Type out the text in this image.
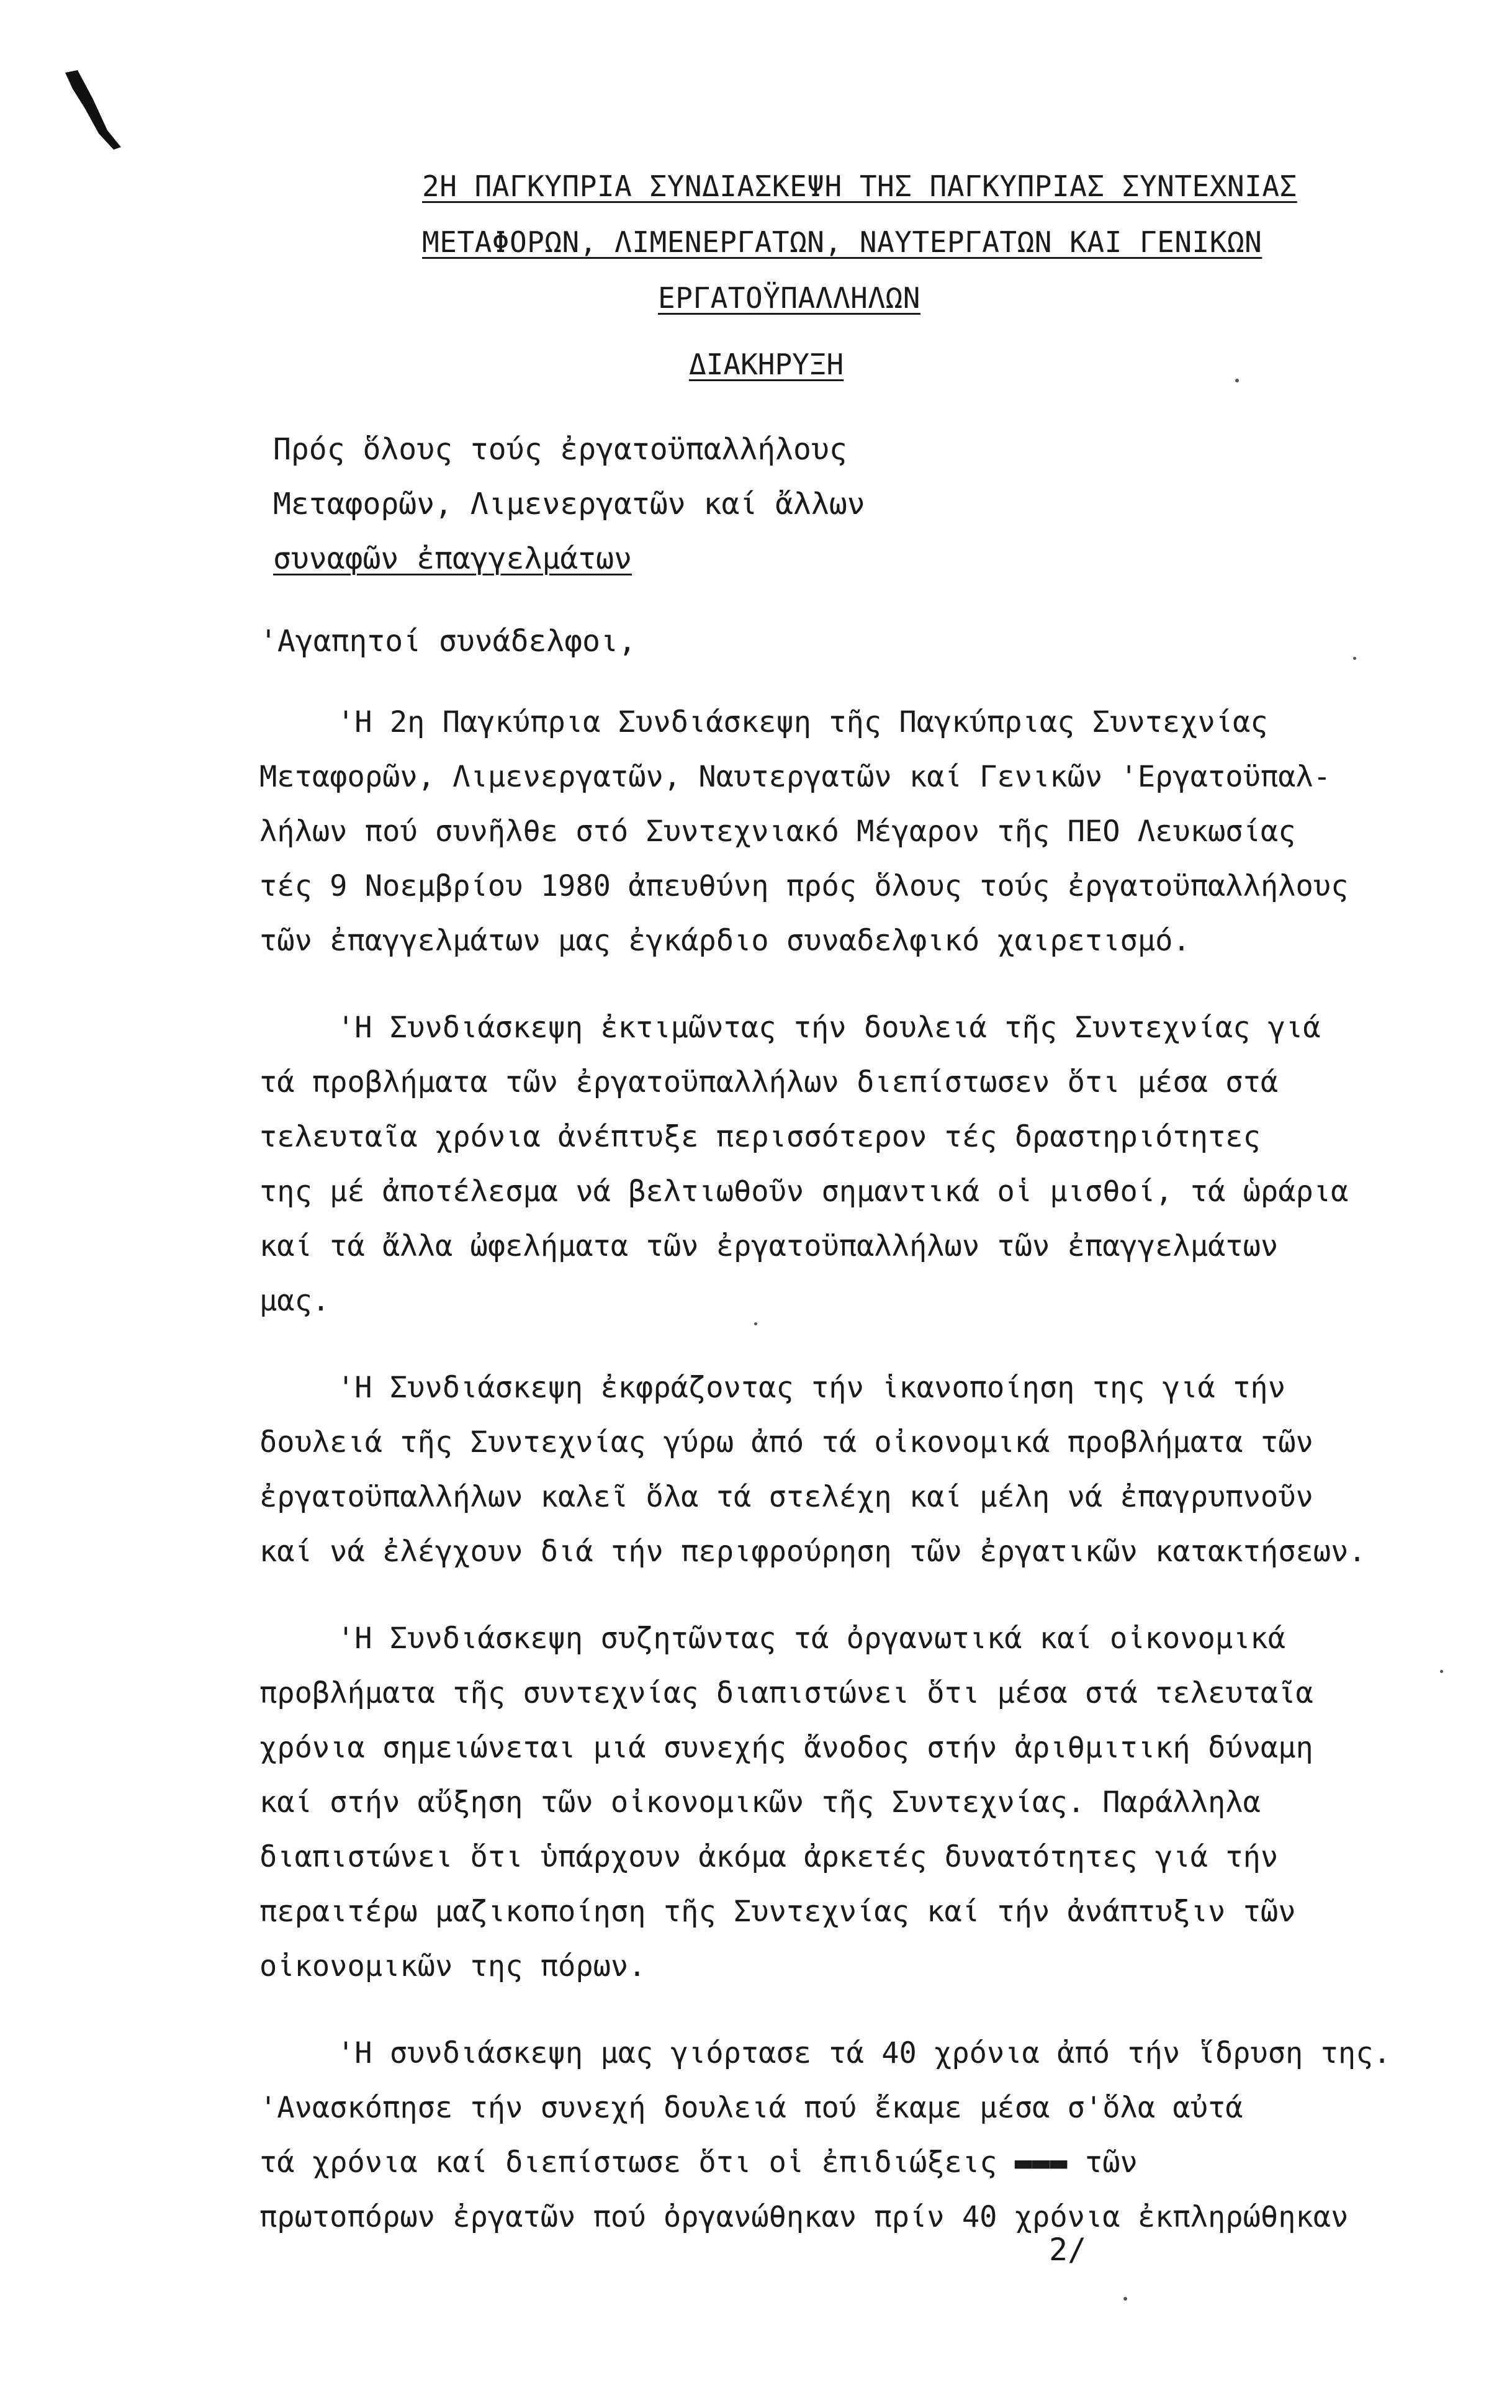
2Η ΠΑΓΚΥΠΡΙΑ ΣΥΝΔΙΑΣΚΕΨΗ ΤΗΣ ΠΑΓΚΥΠΡΙΑΣ ΣΥΝΤΕΧΝΙΑΣ
ΜΕΤΑΦΟΡΩΝ, ΛΙΜΕΝΕΡΓΑΤΩΝ, ΝΑΥΤΕΡΓΑΤΩΝ ΚΑΙ ΓΕΝΙΚΩΝ
ΕΡΓΑΤΟΫΠΑΛΛΗΛΩΝ
ΔΙΑΚΗΡΥΞΗ
Πρός ὅλους τούς ἐργατοϋπαλλήλους
Μεταφορῶν, Λιμενεργατῶν καί ἄλλων
συναφῶν ἐπαγγελμάτων
'Αγαπητοί συνάδελφοι,
'Η 2η Παγκύπρια Συνδιάσκεψη τῆς Παγκύπριας Συντεχνίας
Μεταφορῶν, Λιμενεργατῶν, Ναυτεργατῶν καί Γενικῶν 'Εργατοϋπαλ-
λήλων πού συνῆλθε στό Συντεχνιακό Μέγαρον τῆς ΠΕΟ Λευκωσίας
τές 9 Νοεμβρίου 1980 ἀπευθύνη πρός ὅλους τούς ἐργατοϋπαλλήλους
τῶν ἐπαγγελμάτων μας ἐγκάρδιο συναδελφικό χαιρετισμό.
'Η Συνδιάσκεψη ἐκτιμῶντας τήν δουλειά τῆς Συντεχνίας γιά
τά προβλήματα τῶν ἐργατοϋπαλλήλων διεπίστωσεν ὅτι μέσα στά
τελευταῖα χρόνια ἀνέπτυξε περισσότερον τές δραστηριότητες
της μέ ἀποτέλεσμα νά βελτιωθοῦν σημαντικά οἱ μισθοί, τά ὡράρια
καί τά ἄλλα ὠφελήματα τῶν ἐργατοϋπαλλήλων τῶν ἐπαγγελμάτων
μας.
'Η Συνδιάσκεψη ἐκφράζοντας τήν ἱκανοποίηση της γιά τήν
δουλειά τῆς Συντεχνίας γύρω ἀπό τά οἰκονομικά προβλήματα τῶν
ἐργατοϋπαλλήλων καλεῖ ὅλα τά στελέχη καί μέλη νά ἐπαγρυπνοῦν
καί νά ἐλέγχουν διά τήν περιφρούρηση τῶν ἐργατικῶν κατακτήσεων.
'Η Συνδιάσκεψη συζητῶντας τά ὀργανωτικά καί οἰκονομικά
προβλήματα τῆς συντεχνίας διαπιστώνει ὅτι μέσα στά τελευταῖα
χρόνια σημειώνεται μιά συνεχής ἄνοδος στήν ἀριθμιτική δύναμη
καί στήν αὔξηση τῶν οἰκονομικῶν τῆς Συντεχνίας. Παράλληλα
διαπιστώνει ὅτι ὑπάρχουν ἀκόμα ἀρκετές δυνατότητες γιά τήν
περαιτέρω μαζικοποίηση τῆς Συντεχνίας καί τήν ἀνάπτυξιν τῶν
οἰκονομικῶν της πόρων.
'Η συνδιάσκεψη μας γιόρτασε τά 40 χρόνια ἀπό τήν ἵδρυση της.
'Ανασκόπησε τήν συνεχή δουλειά πού ἔκαμε μέσα σ'ὅλα αὐτά
τά χρόνια καί διεπίστωσε ὅτι οἱ ἐπιδιώξεις ▬▬▬ τῶν
πρωτοπόρων ἐργατῶν πού ὀργανώθηκαν πρίν 40 χρόνια ἐκπληρώθηκαν
2/
